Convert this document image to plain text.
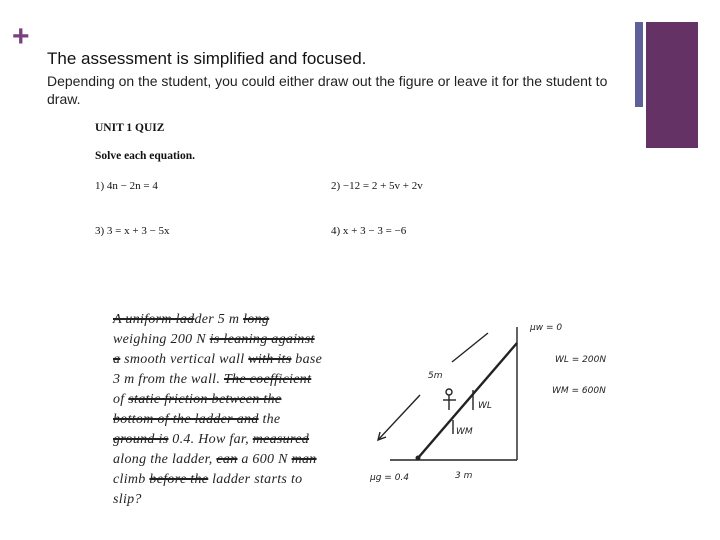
+
The assessment is simplified and focused.
Depending on the student, you could either draw out the figure or leave it for the student to draw.
UNIT 1 QUIZ
Solve each equation.
1) 4n − 2n = 4	2) −12 = 2 + 5v + 2v
3) 3 = x + 3 − 5x	4) x + 3 − 3 = −6
A uniform ladder 5 m long
weighing 200 N is leaning against
a smooth vertical wall with its base
3 m from the wall. The coefficient
of static friction between the
bottom of the ladder and the
ground is 0.4. How far, measured
along the ladder, can a 600 N man
climb before the ladder starts to
slip?
μw = 0
WL = 200N
WM = 600N
5m
μg = 0.4	3 m
WL
WM
